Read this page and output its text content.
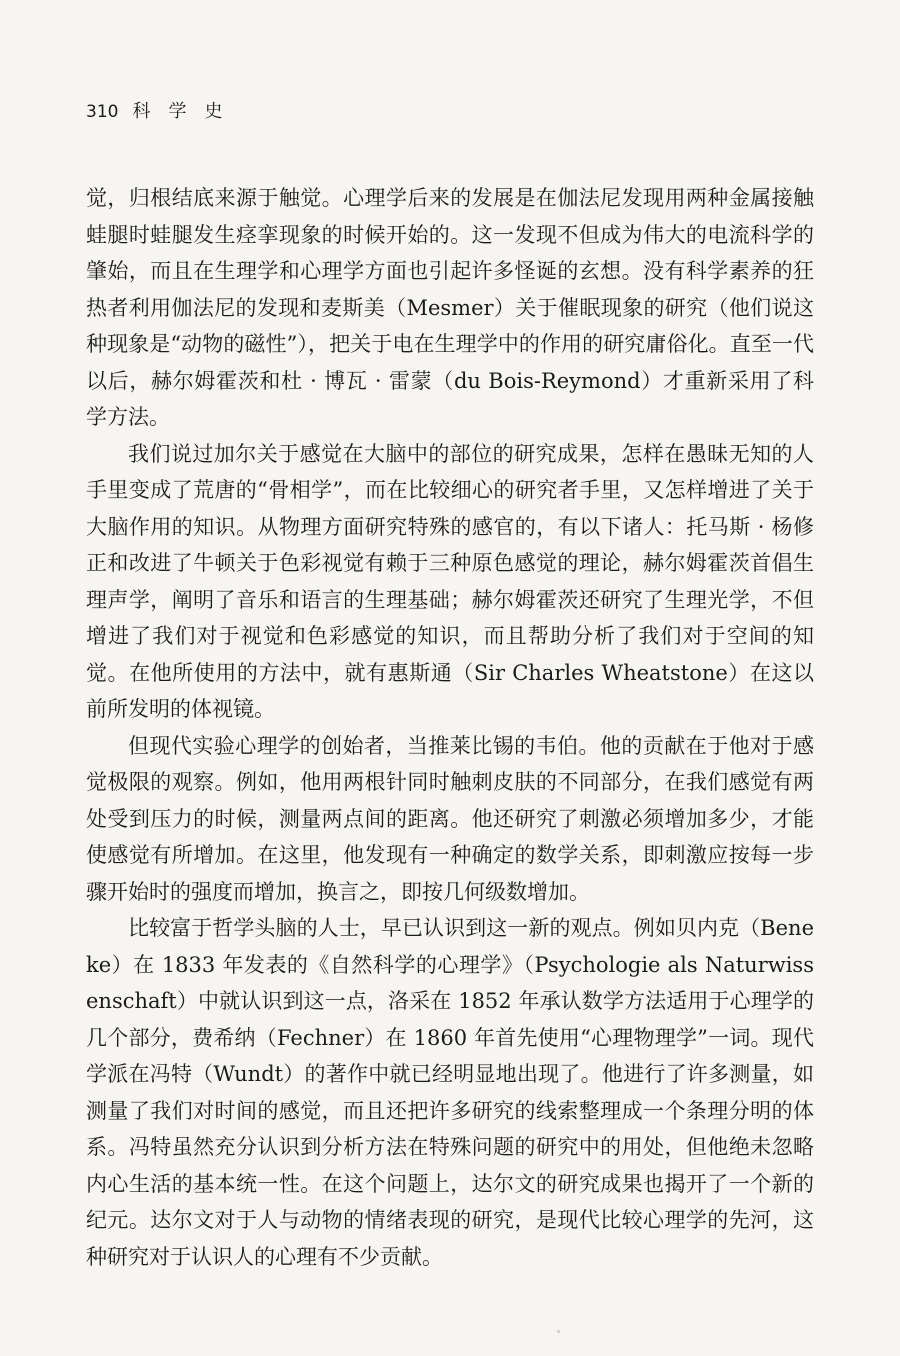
310 科学史

觉，归根结底来源于触觉。心理学后来的发展是在伽法尼发现用两种金属接触蛙腿时蛙腿发生痉挛现象的时候开始的。这一发现不但成为伟大的电流科学的肇始，而且在生理学和心理学方面也引起许多怪诞的玄想。没有科学素养的狂热者利用伽法尼的发现和麦斯美（Mesmer）关于催眠现象的研究（他们说这种现象是“动物的磁性”），把关于电在生理学中的作用的研究庸俗化。直至一代以后，赫尔姆霍茨和杜 · 博瓦 · 雷蒙（du Bois-Reymond）才重新采用了科学方法。

我们说过加尔关于感觉在大脑中的部位的研究成果，怎样在愚昧无知的人手里变成了荒唐的“骨相学”，而在比较细心的研究者手里，又怎样增进了关于大脑作用的知识。从物理方面研究特殊的感官的，有以下诸人：托马斯 · 杨修正和改进了牛顿关于色彩视觉有赖于三种原色感觉的理论，赫尔姆霍茨首倡生理声学，阐明了音乐和语言的生理基础；赫尔姆霍茨还研究了生理光学，不但增进了我们对于视觉和色彩感觉的知识，而且帮助分析了我们对于空间的知觉。在他所使用的方法中，就有惠斯通（Sir Charles Wheatstone）在这以前所发明的体视镜。

但现代实验心理学的创始者，当推莱比锡的韦伯。他的贡献在于他对于感觉极限的观察。例如，他用两根针同时触刺皮肤的不同部分，在我们感觉有两处受到压力的时候，测量两点间的距离。他还研究了刺激必须增加多少，才能使感觉有所增加。在这里，他发现有一种确定的数学关系，即刺激应按每一步骤开始时的强度而增加，换言之，即按几何级数增加。

比较富于哲学头脑的人士，早已认识到这一新的观点。例如贝内克（Beneke）在 1833 年发表的《自然科学的心理学》（Psychologie als Naturwissenschaft）中就认识到这一点，洛采在 1852 年承认数学方法适用于心理学的几个部分，费希纳（Fechner）在 1860 年首先使用“心理物理学”一词。现代学派在冯特（Wundt）的著作中就已经明显地出现了。他进行了许多测量，如测量了我们对时间的感觉，而且还把许多研究的线索整理成一个条理分明的体系。冯特虽然充分认识到分析方法在特殊问题的研究中的用处，但他绝未忽略内心生活的基本统一性。在这个问题上，达尔文的研究成果也揭开了一个新的纪元。达尔文对于人与动物的情绪表现的研究，是现代比较心理学的先河，这种研究对于认识人的心理有不少贡献。
